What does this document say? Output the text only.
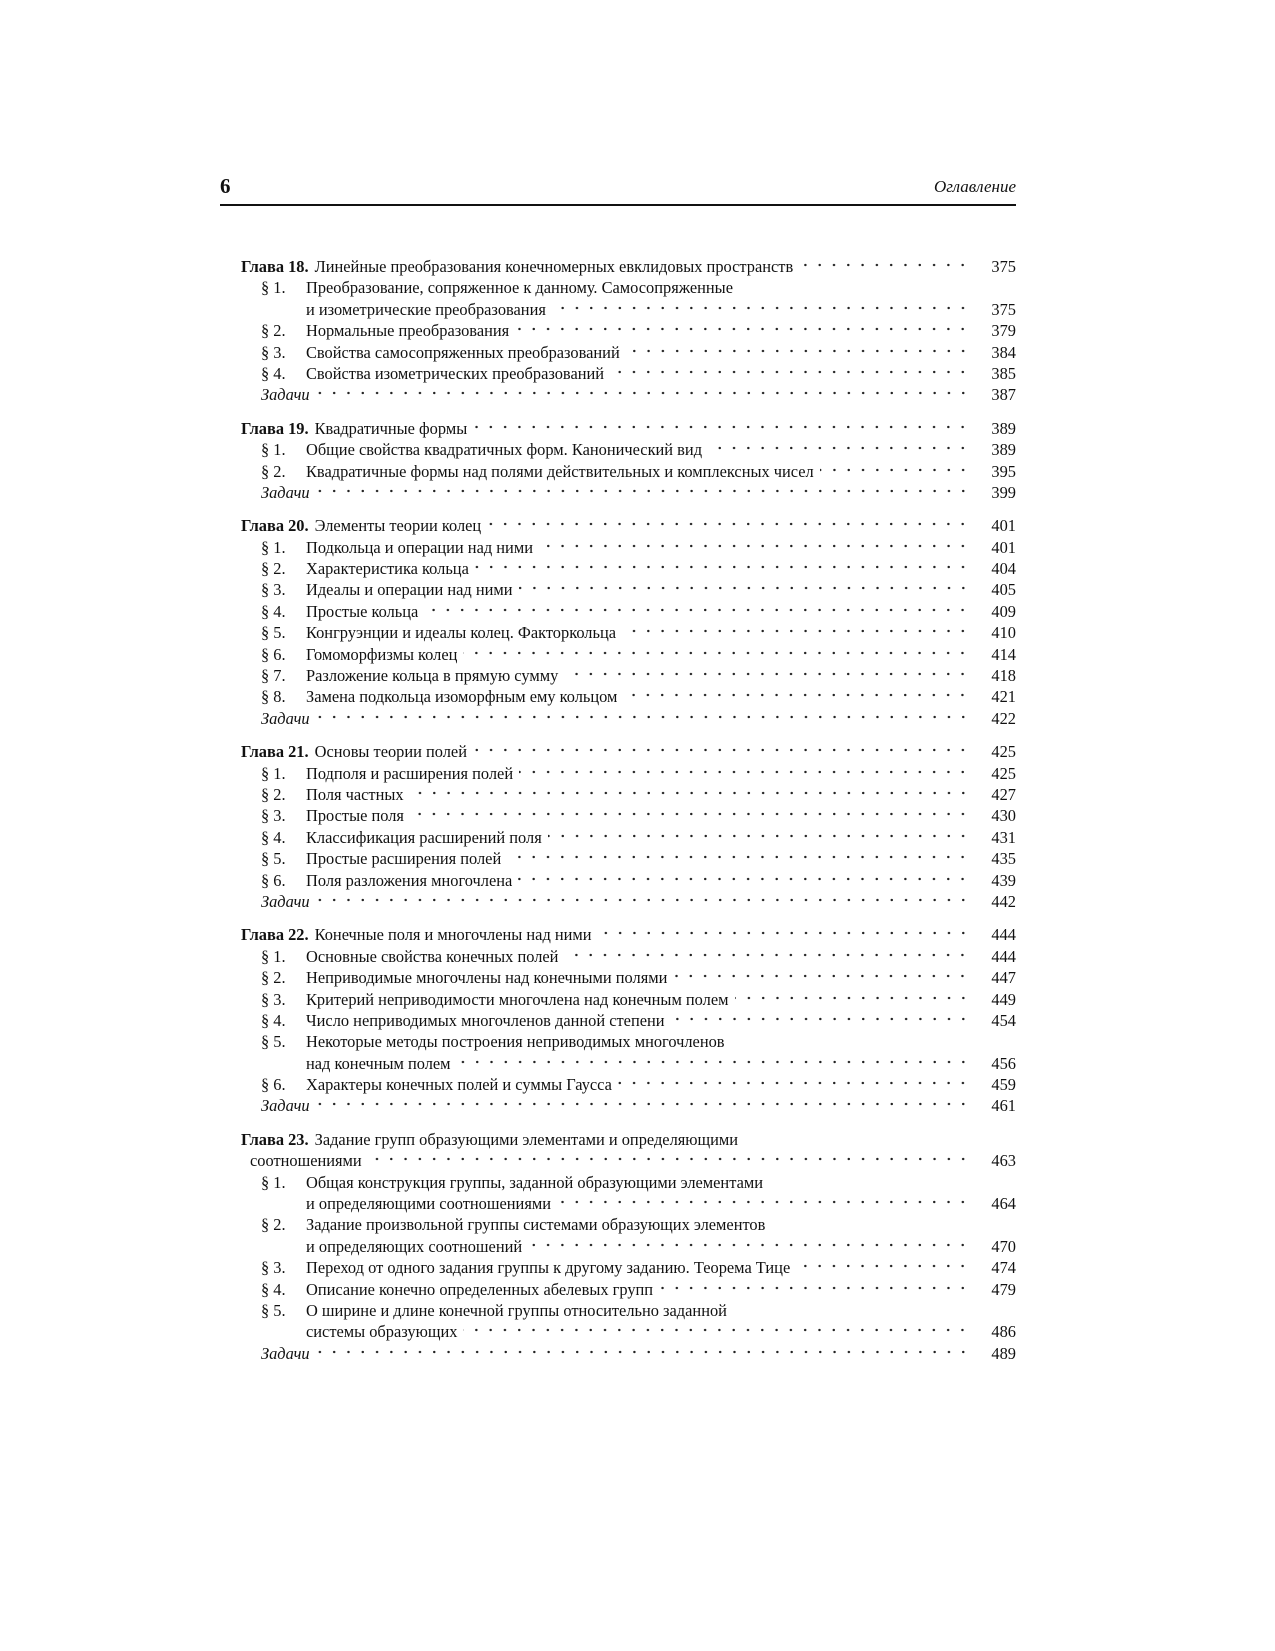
6	Оглавление
Глава 18. Линейные преобразования конечномерных евклидовых пространств	375
§ 1.	Преобразование, сопряженное к данному. Самосопряженные
и изометрические преобразования	375
§ 2.	Нормальные преобразования	379
§ 3.	Свойства самосопряженных преобразований	384
§ 4.	Свойства изометрических преобразований	385
Задачи	387
Глава 19. Квадратичные формы	389
§ 1.	Общие свойства квадратичных форм. Канонический вид	389
§ 2.	Квадратичные формы над полями действительных и комплексных чисел	395
Задачи	399
Глава 20. Элементы теории колец	401
§ 1.	Подкольца и операции над ними	401
§ 2.	Характеристика кольца	404
§ 3.	Идеалы и операции над ними	405
§ 4.	Простые кольца	409
§ 5.	Конгруэнции и идеалы колец. Факторкольца	410
§ 6.	Гомоморфизмы колец	414
§ 7.	Разложение кольца в прямую сумму	418
§ 8.	Замена подкольца изоморфным ему кольцом	421
Задачи	422
Глава 21. Основы теории полей	425
§ 1.	Подполя и расширения полей	425
§ 2.	Поля частных	427
§ 3.	Простые поля	430
§ 4.	Классификация расширений поля	431
§ 5.	Простые расширения полей	435
§ 6.	Поля разложения многочлена	439
Задачи	442
Глава 22. Конечные поля и многочлены над ними	444
§ 1.	Основные свойства конечных полей	444
§ 2.	Неприводимые многочлены над конечными полями	447
§ 3.	Критерий неприводимости многочлена над конечным полем	449
§ 4.	Число неприводимых многочленов данной степени	454
§ 5.	Некоторые методы построения неприводимых многочленов
над конечным полем	456
§ 6.	Характеры конечных полей и суммы Гаусса	459
Задачи	461
Глава 23. Задание групп образующими элементами и определяющими
соотношениями	463
§ 1.	Общая конструкция группы, заданной образующими элементами
и определяющими соотношениями	464
§ 2.	Задание произвольной группы системами образующих элементов
и определяющих соотношений	470
§ 3.	Переход от одного задания группы к другому заданию. Теорема Тице	474
§ 4.	Описание конечно определенных абелевых групп	479
§ 5.	О ширине и длине конечной группы относительно заданной
системы образующих	486
Задачи	489
